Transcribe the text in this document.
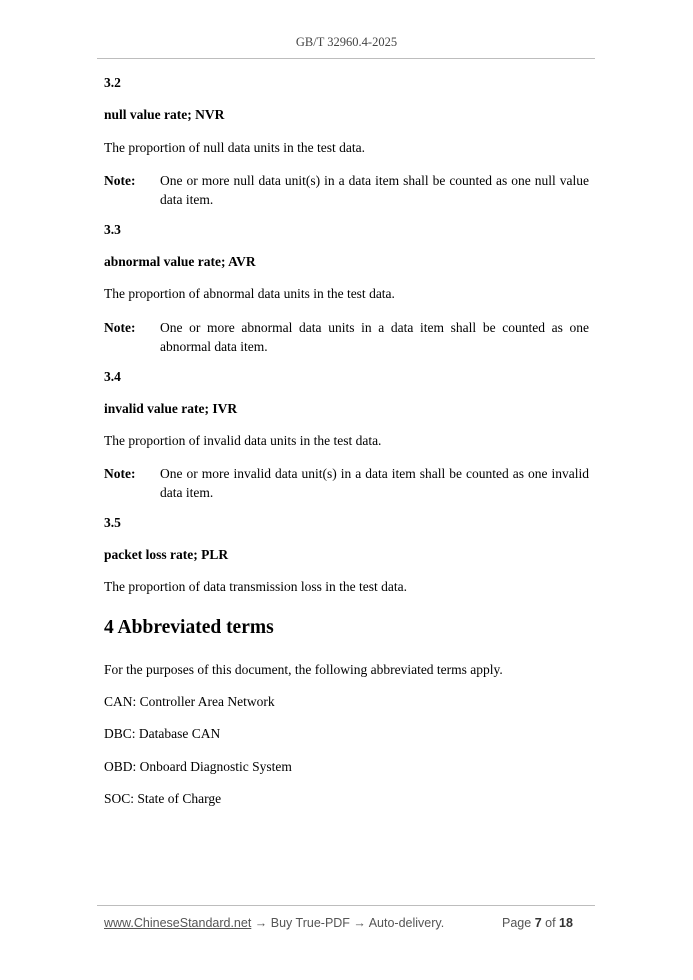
GB/T 32960.4-2025
3.2
null value rate; NVR
The proportion of null data units in the test data.
Note: One or more null data unit(s) in a data item shall be counted as one null value data item.
3.3
abnormal value rate; AVR
The proportion of abnormal data units in the test data.
Note: One or more abnormal data units in a data item shall be counted as one abnormal data item.
3.4
invalid value rate; IVR
The proportion of invalid data units in the test data.
Note: One or more invalid data unit(s) in a data item shall be counted as one invalid data item.
3.5
packet loss rate; PLR
The proportion of data transmission loss in the test data.
4 Abbreviated terms
For the purposes of this document, the following abbreviated terms apply.
CAN: Controller Area Network
DBC: Database CAN
OBD: Onboard Diagnostic System
SOC: State of Charge
www.ChineseStandard.net → Buy True-PDF → Auto-delivery.	Page 7 of 18
